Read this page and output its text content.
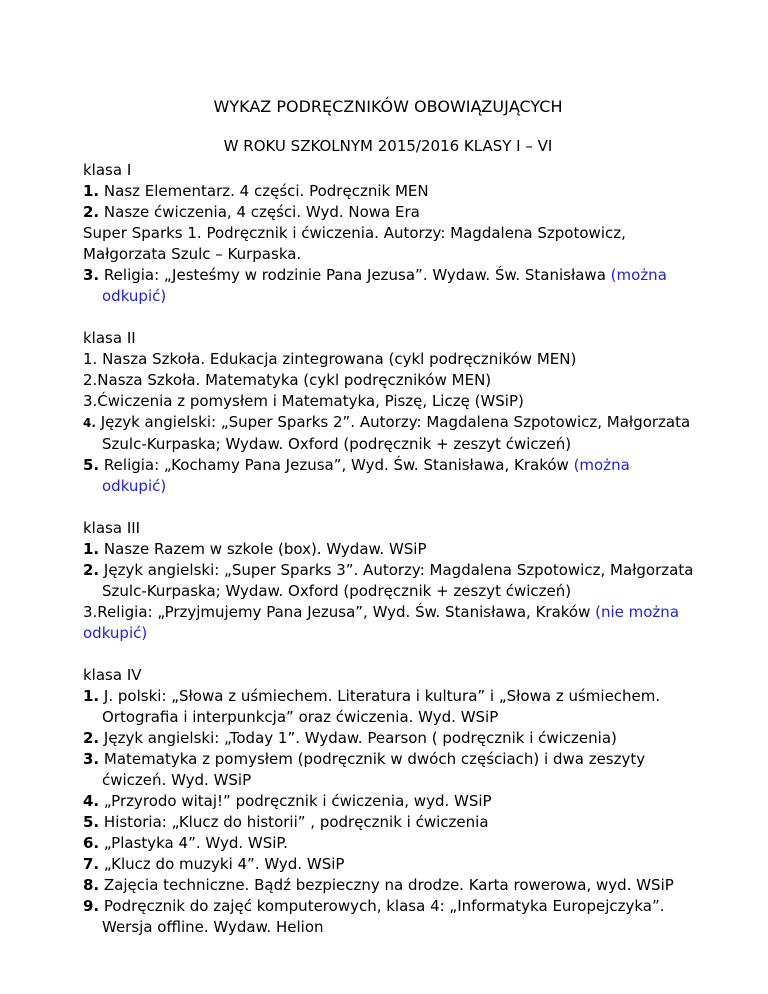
WYKAZ PODRĘCZNIKÓW OBOWIĄZUJĄCYCH
W ROKU SZKOLNYM 2015/2016 KLASY I – VI
klasa I
1. Nasz Elementarz. 4 części. Podręcznik MEN
2. Nasze ćwiczenia, 4 części. Wyd. Nowa Era
Super Sparks 1. Podręcznik i ćwiczenia. Autorzy: Magdalena Szpotowicz,
Małgorzata Szulc – Kurpaska.
3. Religia: „Jesteśmy w rodzinie Pana Jezusa”. Wydaw. Św. Stanisława (można
odkupić)
klasa II
1. Nasza Szkoła. Edukacja zintegrowana (cykl podręczników MEN)
2.Nasza Szkoła. Matematyka (cykl podręczników MEN)
3.Ćwiczenia z pomysłem i Matematyka, Piszę, Liczę (WSiP)
4. Język angielski: „Super Sparks 2”. Autorzy: Magdalena Szpotowicz, Małgorzata
Szulc-Kurpaska; Wydaw. Oxford (podręcznik + zeszyt ćwiczeń)
5. Religia: „Kochamy Pana Jezusa”, Wyd. Św. Stanisława, Kraków (można
odkupić)
klasa III
1. Nasze Razem w szkole (box). Wydaw. WSiP
2. Język angielski: „Super Sparks 3”. Autorzy: Magdalena Szpotowicz, Małgorzata
Szulc-Kurpaska; Wydaw. Oxford (podręcznik + zeszyt ćwiczeń)
3.Religia: „Przyjmujemy Pana Jezusa”, Wyd. Św. Stanisława, Kraków (nie można
odkupić)
klasa IV
1. J. polski: „Słowa z uśmiechem. Literatura i kultura” i „Słowa z uśmiechem.
Ortografia i interpunkcja” oraz ćwiczenia. Wyd. WSiP
2. Język angielski: „Today 1”. Wydaw. Pearson ( podręcznik i ćwiczenia)
3. Matematyka z pomysłem (podręcznik w dwóch częściach) i dwa zeszyty
ćwiczeń. Wyd. WSiP
4. „Przyrodo witaj!” podręcznik i ćwiczenia, wyd. WSiP
5. Historia: „Klucz do historii” , podręcznik i ćwiczenia
6. „Plastyka 4”. Wyd. WSiP.
7. „Klucz do muzyki 4”. Wyd. WSiP
8. Zajęcia techniczne. Bądź bezpieczny na drodze. Karta rowerowa, wyd. WSiP
9. Podręcznik do zajęć komputerowych, klasa 4: „Informatyka Europejczyka”.
Wersja offline. Wydaw. Helion
